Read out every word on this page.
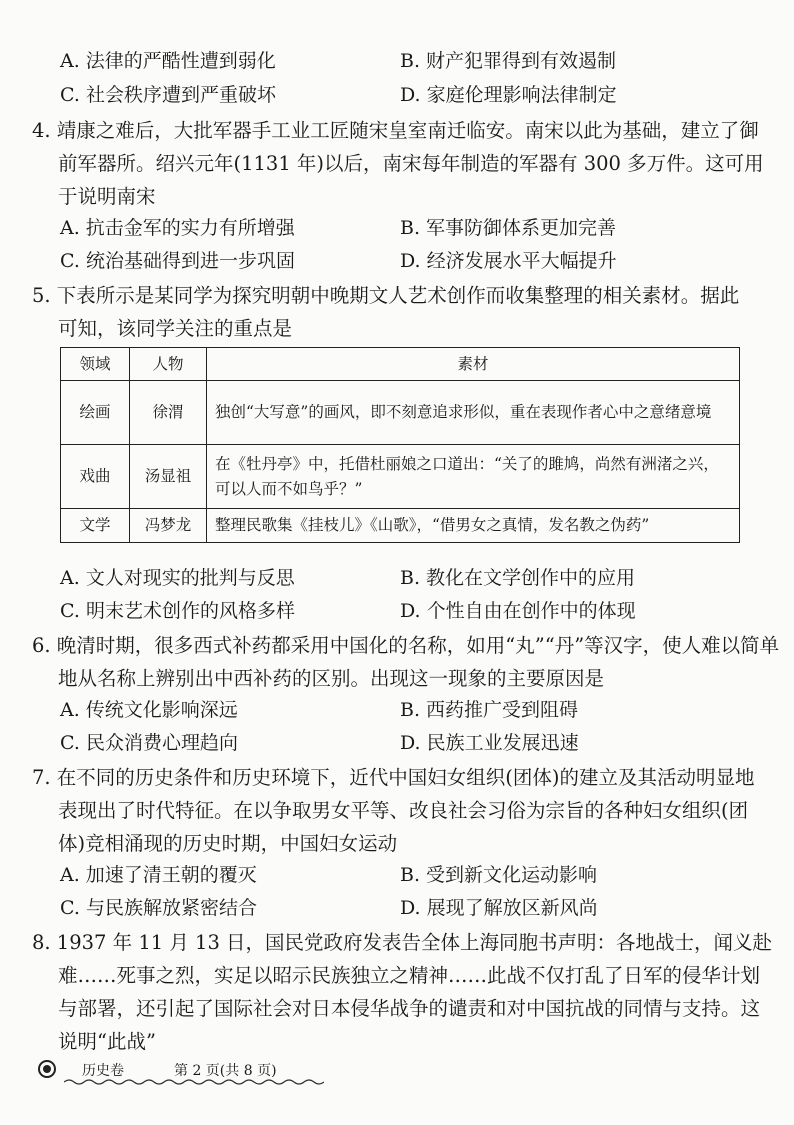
A. 法律的严酷性遭到弱化	B. 财产犯罪得到有效遏制
C. 社会秩序遭到严重破坏	D. 家庭伦理影响法律制定
4. 靖康之难后，大批军器手工业工匠随宋皇室南迁临安。南宋以此为基础，建立了御
前军器所。绍兴元年(1131 年)以后，南宋每年制造的军器有 300 多万件。这可用
于说明南宋
A. 抗击金军的实力有所增强	B. 军事防御体系更加完善
C. 统治基础得到进一步巩固	D. 经济发展水平大幅提升
5. 下表所示是某同学为探究明朝中晚期文人艺术创作而收集整理的相关素材。据此
可知，该同学关注的重点是
领域	人物	素材
绘画	徐渭	独创“大写意”的画风，即不刻意追求形似，重在表现作者心中之意绪意境
戏曲	汤显祖	在《牡丹亭》中，托借杜丽娘之口道出：“关了的雎鸠，尚然有洲渚之兴，可以人而不如鸟乎？”
文学	冯梦龙	整理民歌集《挂枝儿》《山歌》，“借男女之真情，发名教之伪药”
A. 文人对现实的批判与反思	B. 教化在文学创作中的应用
C. 明末艺术创作的风格多样	D. 个性自由在创作中的体现
6. 晚清时期，很多西式补药都采用中国化的名称，如用“丸”“丹”等汉字，使人难以简单
地从名称上辨别出中西补药的区别。出现这一现象的主要原因是
A. 传统文化影响深远	B. 西药推广受到阻碍
C. 民众消费心理趋向	D. 民族工业发展迅速
7. 在不同的历史条件和历史环境下，近代中国妇女组织(团体)的建立及其活动明显地
表现出了时代特征。在以争取男女平等、改良社会习俗为宗旨的各种妇女组织(团
体)竞相涌现的历史时期，中国妇女运动
A. 加速了清王朝的覆灭	B. 受到新文化运动影响
C. 与民族解放紧密结合	D. 展现了解放区新风尚
8. 1937 年 11 月 13 日，国民党政府发表告全体上海同胞书声明：各地战士，闻义赴
难……死事之烈，实足以昭示民族独立之精神……此战不仅打乱了日军的侵华计划
与部署，还引起了国际社会对日本侵华战争的谴责和对中国抗战的同情与支持。这
说明“此战”
历史卷	第 2 页(共 8 页)
